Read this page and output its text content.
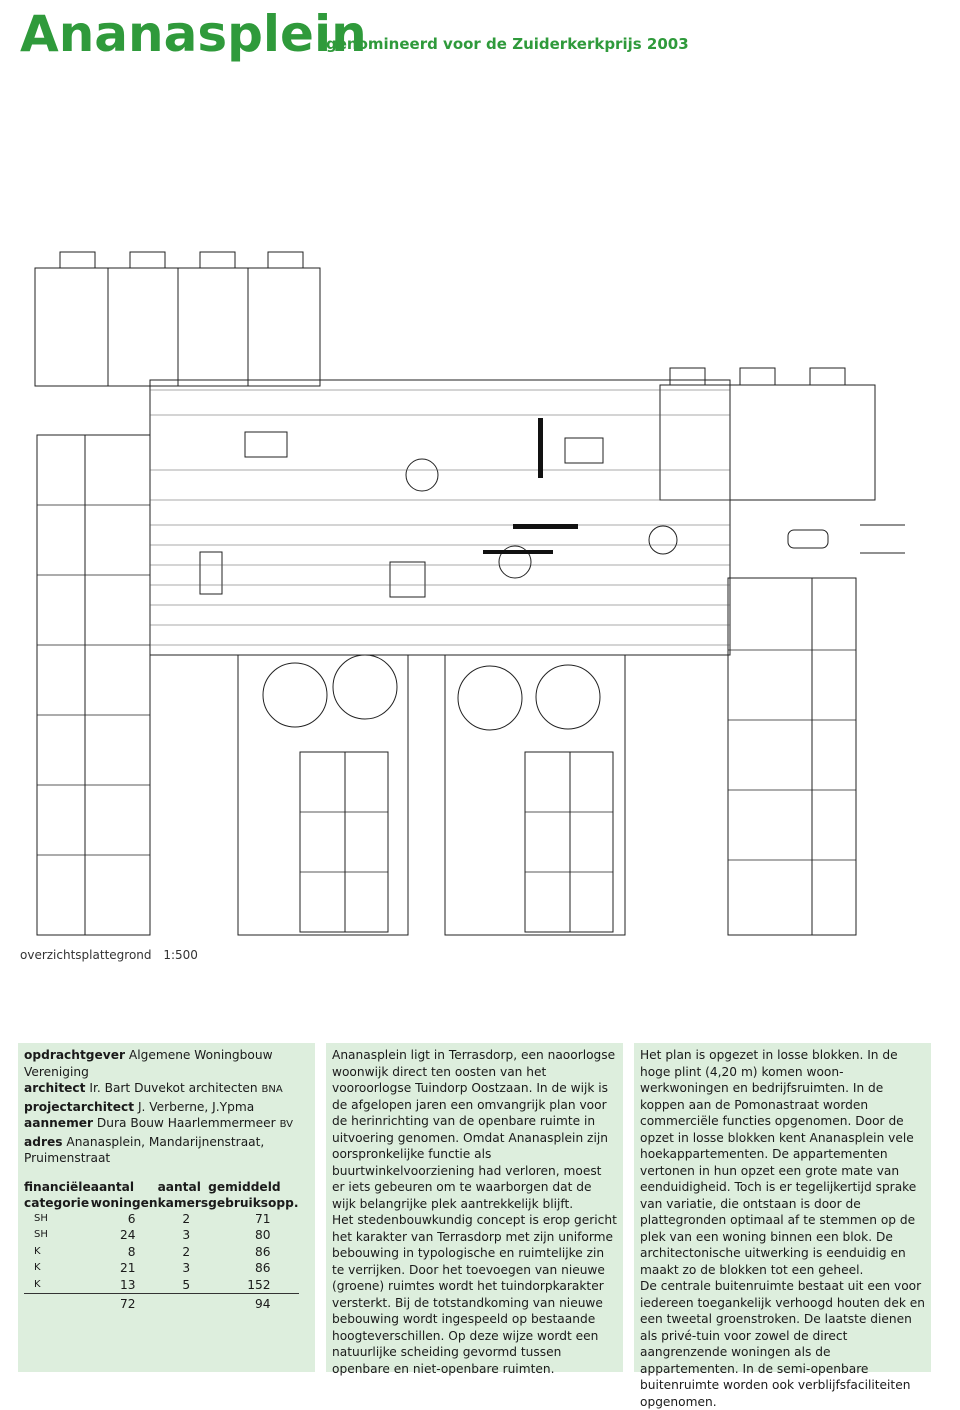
Ananasplein
genomineerd voor de Zuiderkerkprijs 2003
overzichtsplattegrond 1:500

opdrachtgever Algemene Woningbouw Vereniging

architect Ir. Bart Duvekot architecten BNA

projectarchitect J. Verberne, J.Ypma

aannemer Dura Bouw Haarlemmermeer BV

adres Ananasplein, Mandarijnenstraat, Pruimenstraat

financiële categorie	aantal woningen	aantal kamers	gemiddeld gebruiksopp.
SH	6	2	71
SH	24	3	80
K	8	2	86
K	21	3	86
K	13	5	152
	72		94

Ananasplein ligt in Terrasdorp, een naoorlogse woonwijk direct ten oosten van het vooroorlogse Tuindorp Oostzaan. In de wijk is de afgelopen jaren een omvangrijk plan voor de herinrichting van de openbare ruimte in uitvoering genomen. Omdat Ananasplein zijn oorspronkelijke functie als buurtwinkelvoorziening had verloren, moest er iets gebeuren om te waarborgen dat de wijk belangrijke plek aantrekkelijk blijft.
Het stedenbouwkundig concept is erop gericht het karakter van Terrasdorp met zijn uniforme bebouwing in typologische en ruimtelijke zin te verrijken. Door het toevoegen van nieuwe (groene) ruimtes wordt het tuindorpkarakter versterkt. Bij de totstandkoming van nieuwe bebouwing wordt ingespeeld op bestaande hoogteverschillen. Op deze wijze wordt een natuurlijke scheiding gevormd tussen openbare en niet-openbare ruimten.

Het plan is opgezet in losse blokken. In de hoge plint (4,20 m) komen woon-werkwoningen en bedrijfsruimten. In de koppen aan de Pomonastraat worden commerciële functies opgenomen. Door de opzet in losse blokken kent Ananasplein vele hoekappartementen. De appartementen vertonen in hun opzet een grote mate van eenduidigheid. Toch is er tegelijkertijd sprake van variatie, die ontstaan is door de plattegronden optimaal af te stemmen op de plek van een woning binnen een blok. De architectonische uitwerking is eenduidig en maakt zo de blokken tot een geheel.
De centrale buitenruimte bestaat uit een voor iedereen toegankelijk verhoogd houten dek en een tweetal groenstroken. De laatste dienen als privé-tuin voor zowel de direct aangrenzende woningen als de appartementen. In de semi-openbare buitenruimte worden ook verblijfsfaciliteiten opgenomen.
